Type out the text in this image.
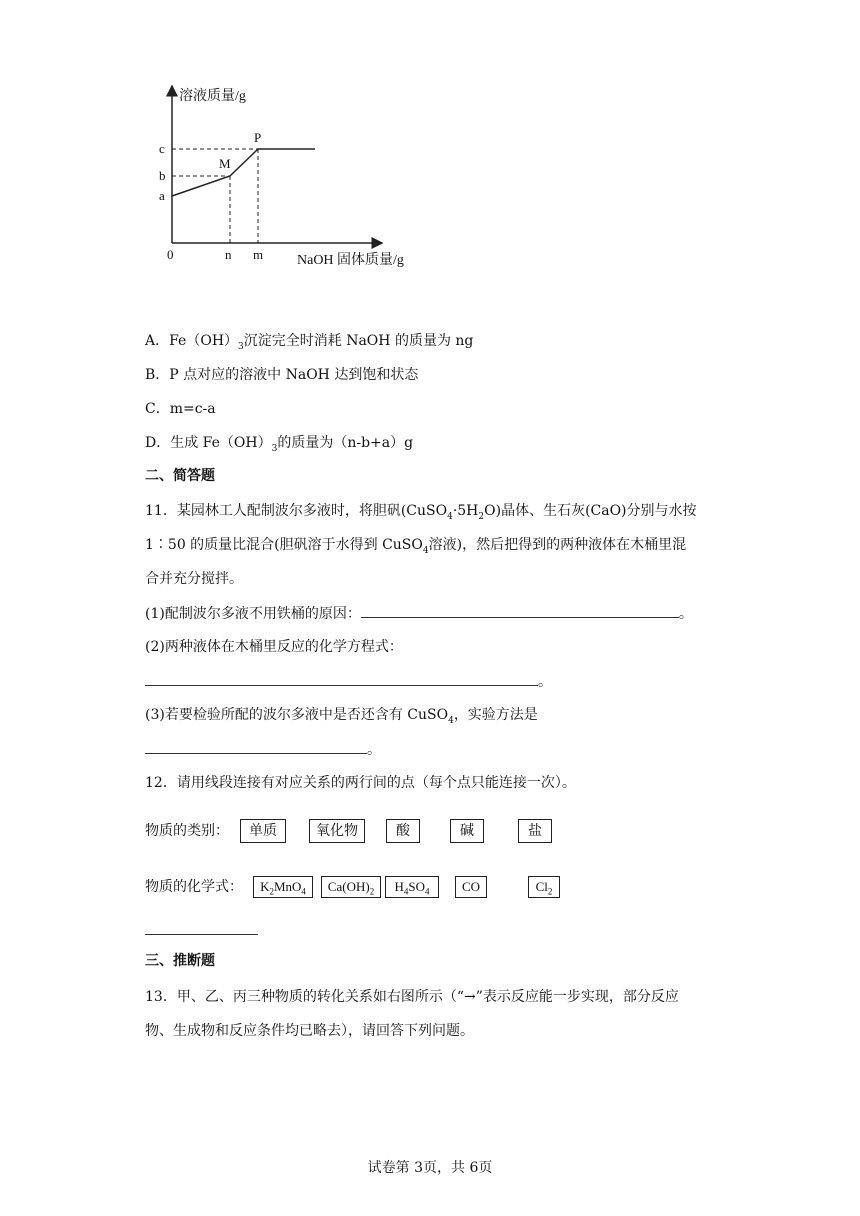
溶液质量/g
NaOH 固体质量/g
0
c
b
a
n m
M
P
A．$Fe(OH)_3$沉淀完全时消耗 NaOH 的质量为 ng
B．P 点对应的溶液中 NaOH 达到饱和状态
C．m=c-a
D．生成 $Fe(OH)_3$的质量为（n-b+a）g
二、简答题
11．某园林工人配制波尔多液时，将胆矾$(CuSO_4\cdot 5H_2O)$晶体、生石灰(CaO)分别与水按
1∶50 的质量比混合(胆矾溶于水得到 CuSO$_4$溶液)，然后把得到的两种液体在木桶里混
合并充分搅拌。
(1)配制波尔多液不用铁桶的原因：	。
(2)两种液体在木桶里反应的化学方程式：
。
(3)若要检验所配的波尔多液中是否还含有 CuSO$_4$，实验方法是
。
12．请用线段连接有对应关系的两行间的点（每个点只能连接一次）。
物质的类别：	单质	氧化物	酸	碱	盐
物质的化学式：	$K_2MnO_4$	$Ca(OH)_2$	$H_4SO_4$	CO	$Cl_2$
三、推断题
13．甲、乙、丙三种物质的转化关系如右图所示（“→”表示反应能一步实现，部分反应
物、生成物和反应条件均已略去），请回答下列问题。
试卷第 3页，共 6页
